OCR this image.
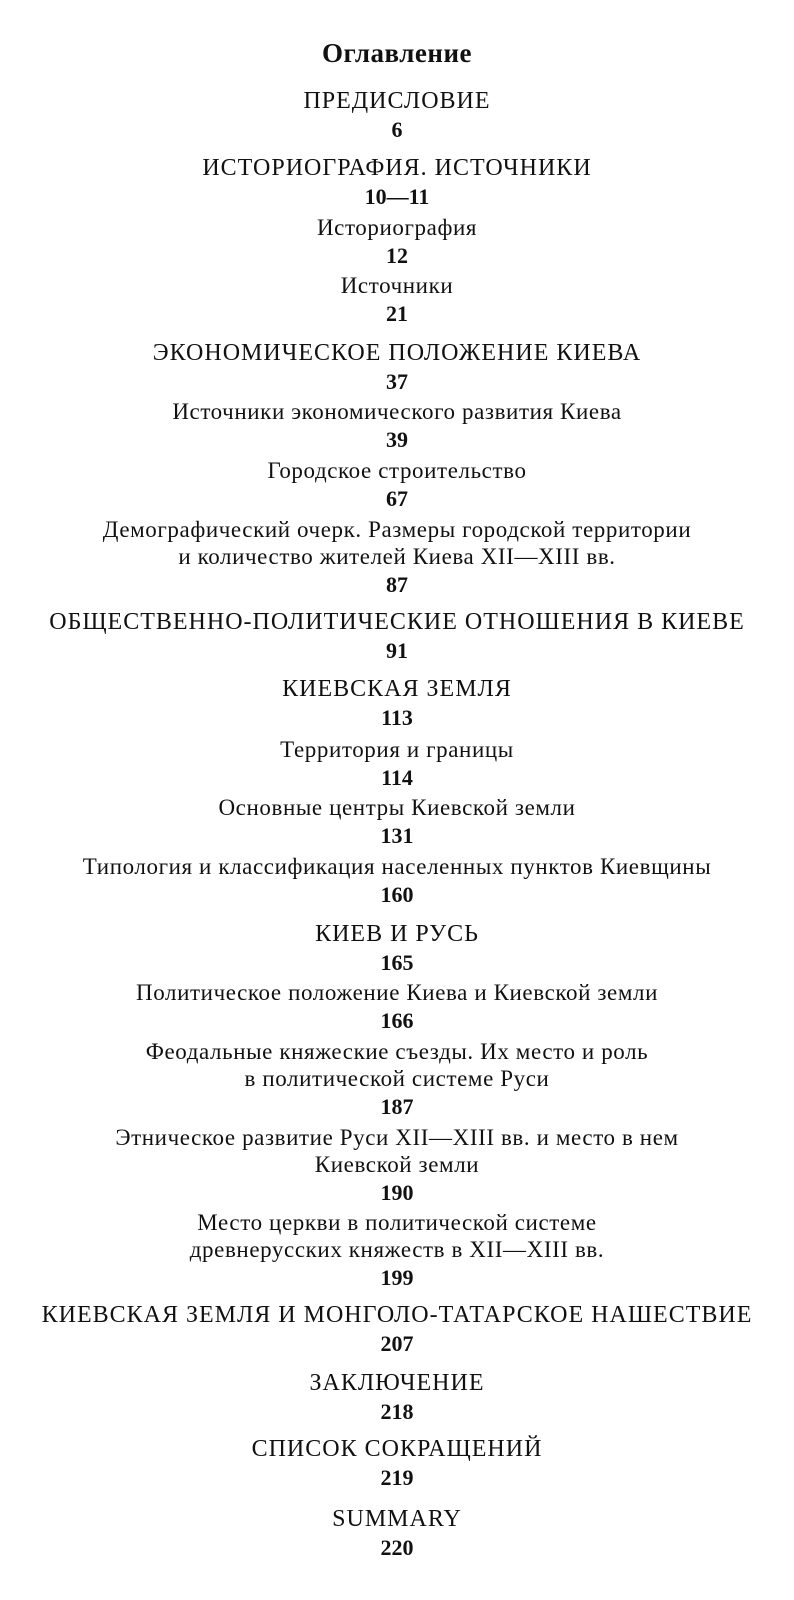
Оглавление
ПРЕДИСЛОВИЕ
6
ИСТОРИОГРАФИЯ. ИСТОЧНИКИ
10—11
Историография
12
Источники
21
ЭКОНОМИЧЕСКОЕ ПОЛОЖЕНИЕ КИЕВА
37
Источники экономического развития Киева
39
Городское строительство
67
Демографический очерк. Размеры городской территории
и количество жителей Киева XII—XIII вв.
87
ОБЩЕСТВЕННО-ПОЛИТИЧЕСКИЕ ОТНОШЕНИЯ В КИЕВЕ
91
КИЕВСКАЯ ЗЕМЛЯ
113
Территория и границы
114
Основные центры Киевской земли
131
Типология и классификация населенных пунктов Киевщины
160
КИЕВ И РУСЬ
165
Политическое положение Киева и Киевской земли
166
Феодальные княжеские съезды. Их место и роль
в политической системе Руси
187
Этническое развитие Руси XII—XIII вв. и место в нем
Киевской земли
190
Место церкви в политической системе
древнерусских княжеств в XII—XIII вв.
199
КИЕВСКАЯ ЗЕМЛЯ И МОНГОЛО-ТАТАРСКОЕ НАШЕСТВИЕ
207
ЗАКЛЮЧЕНИЕ
218
СПИСОК СОКРАЩЕНИЙ
219
SUMMARY
220
